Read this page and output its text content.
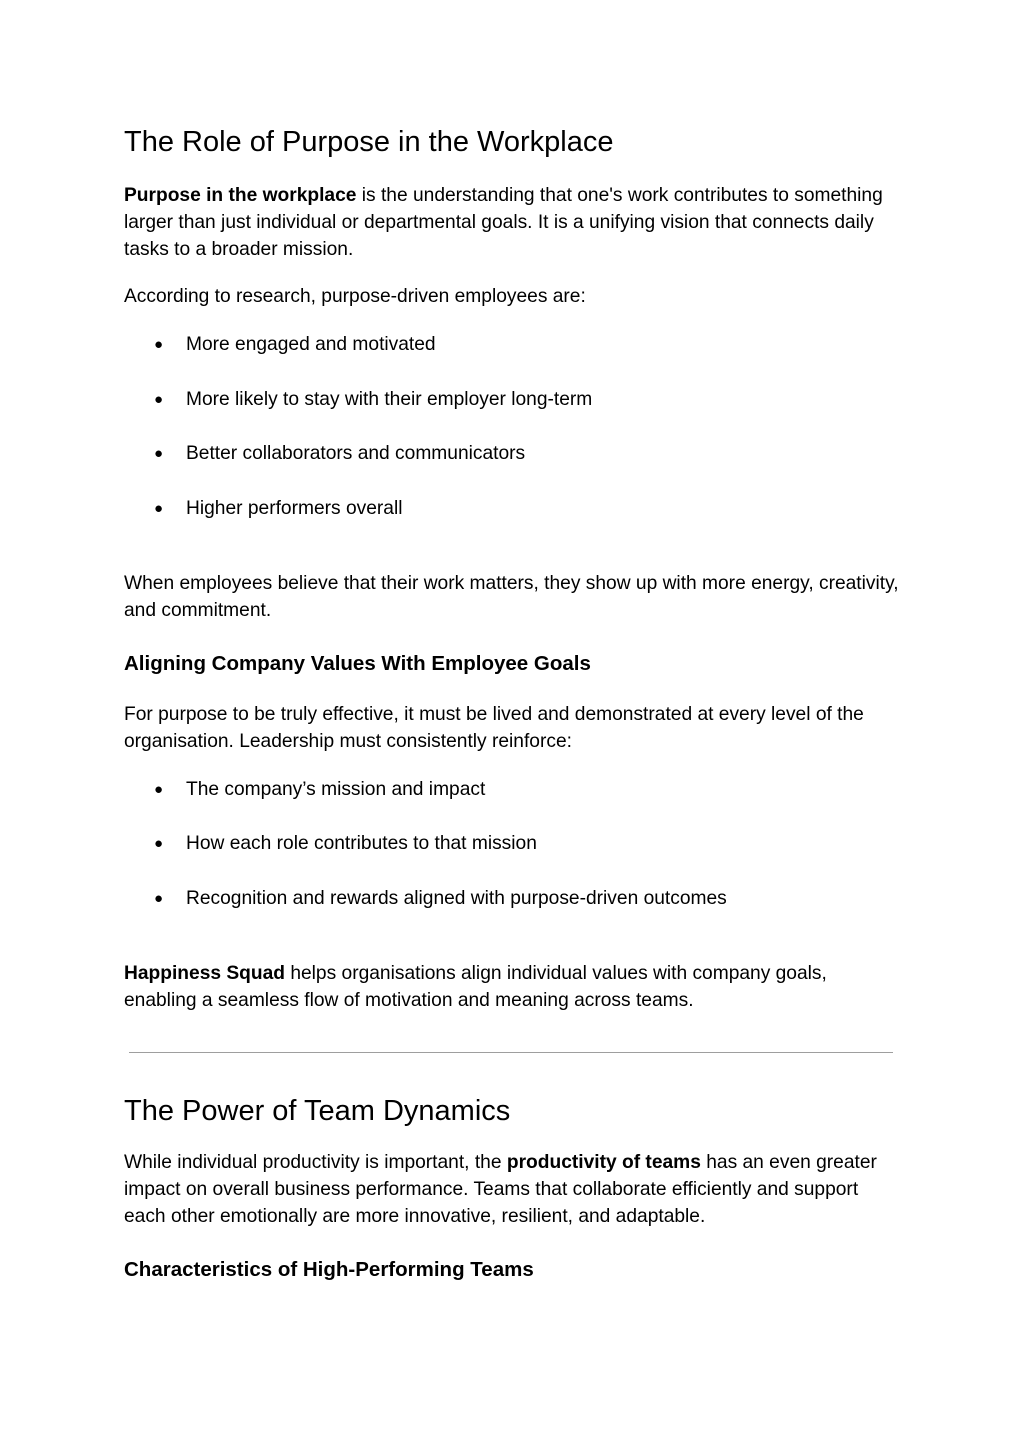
The Role of Purpose in the Workplace

Purpose in the workplace is the understanding that one's work contributes to something larger than just individual or departmental goals. It is a unifying vision that connects daily tasks to a broader mission.

According to research, purpose-driven employees are:

● More engaged and motivated
● More likely to stay with their employer long-term
● Better collaborators and communicators
● Higher performers overall

When employees believe that their work matters, they show up with more energy, creativity, and commitment.

Aligning Company Values With Employee Goals

For purpose to be truly effective, it must be lived and demonstrated at every level of the organisation. Leadership must consistently reinforce:

● The company’s mission and impact
● How each role contributes to that mission
● Recognition and rewards aligned with purpose-driven outcomes

Happiness Squad helps organisations align individual values with company goals, enabling a seamless flow of motivation and meaning across teams.

The Power of Team Dynamics

While individual productivity is important, the productivity of teams has an even greater impact on overall business performance. Teams that collaborate efficiently and support each other emotionally are more innovative, resilient, and adaptable.

Characteristics of High-Performing Teams
